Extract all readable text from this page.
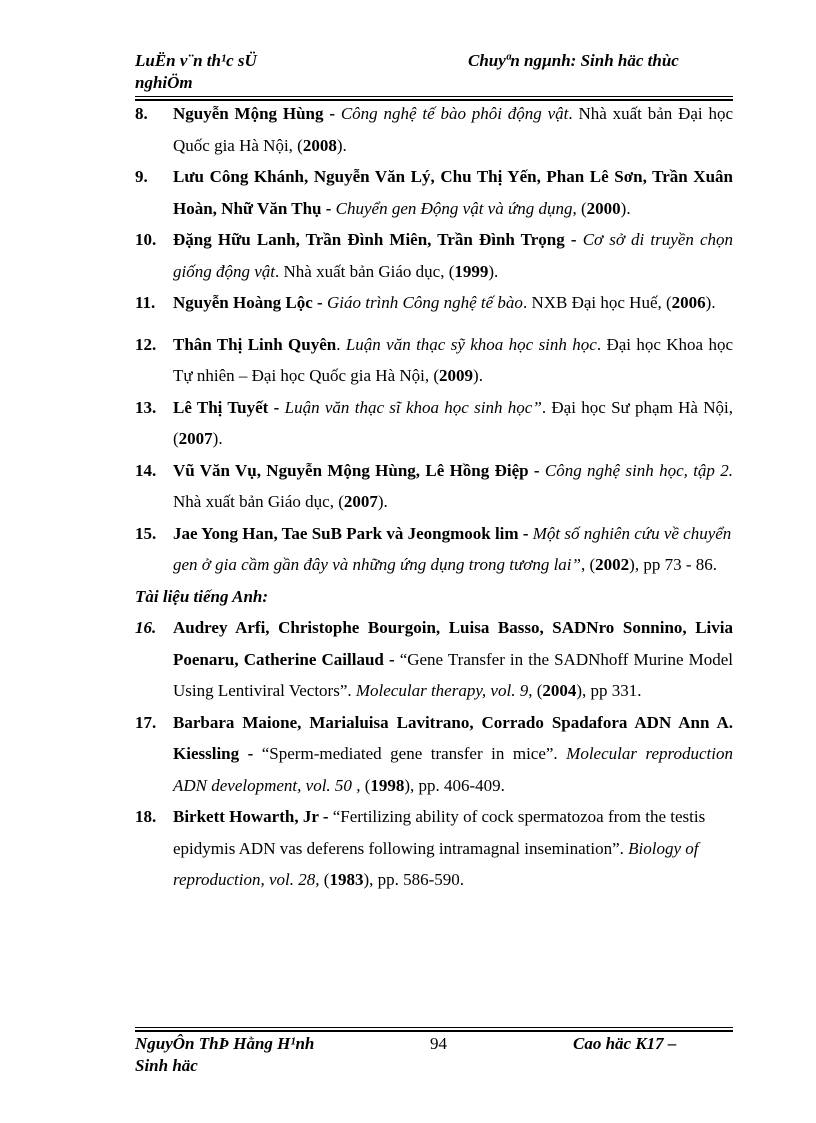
LuËn v¨n th¹c sÜ
nghiÖm
Chuyªn ngµnh: Sinh häc thùc
8.	Nguyễn Mộng Hùng - Công nghệ tế bào phôi động vật. Nhà xuất bản Đại học Quốc gia Hà Nội, (2008).
9.	Lưu Công Khánh, Nguyễn Văn Lý, Chu Thị Yến, Phan Lê Sơn, Trần Xuân Hoàn, Nhữ Văn Thụ - Chuyển gen Động vật và ứng dụng, (2000).
10. Đặng Hữu Lanh, Trần Đình Miên, Trần Đình Trọng - Cơ sở di truyền chọn giống động vật. Nhà xuất bản Giáo dục, (1999).
11.	Nguyễn Hoàng Lộc - Giáo trình Công nghệ tế bào. NXB Đại học Huế, (2006).
12. Thân Thị Linh Quyên. Luận văn thạc sỹ khoa học sinh học. Đại học Khoa học Tự nhiên – Đại học Quốc gia Hà Nội, (2009).
13. Lê Thị Tuyết - Luận văn thạc sĩ khoa học sinh học”. Đại học Sư phạm Hà Nội, (2007).
14. Vũ Văn Vụ, Nguyễn Mộng Hùng, Lê Hồng Điệp - Công nghệ sinh học, tập 2. Nhà xuất bản Giáo dục, (2007).
15. Jae Yong Han, Tae SuB Park và Jeongmook lim - Một số nghiên cứu về chuyển gen ở gia cầm gần đây và những ứng dụng trong tương lai”, (2002), pp 73 - 86.
Tài liệu tiếng Anh:
16. Audrey Arfi, Christophe Bourgoin, Luisa Basso, SADNro Sonnino, Livia Poenaru, Catherine Caillaud - “Gene Transfer in the SADNhoff Murine Model Using Lentiviral Vectors”. Molecular therapy, vol. 9, (2004), pp 331.
17. Barbara Maione, Marialuisa Lavitrano, Corrado Spadafora ADN Ann A. Kiessling - “Sperm-mediated gene transfer in mice”. Molecular reproduction ADN development, vol. 50 , (1998), pp. 406-409.
18. Birkett Howarth, Jr - “Fertilizing ability of cock spermatozoa from the testis epidymis ADN vas deferens following intramagnal insemination”. Biology of reproduction, vol. 28, (1983), pp. 586-590.
NguyÔn ThÞ Hằng H¹nh
Sinh häc
94	Cao häc K17 –
